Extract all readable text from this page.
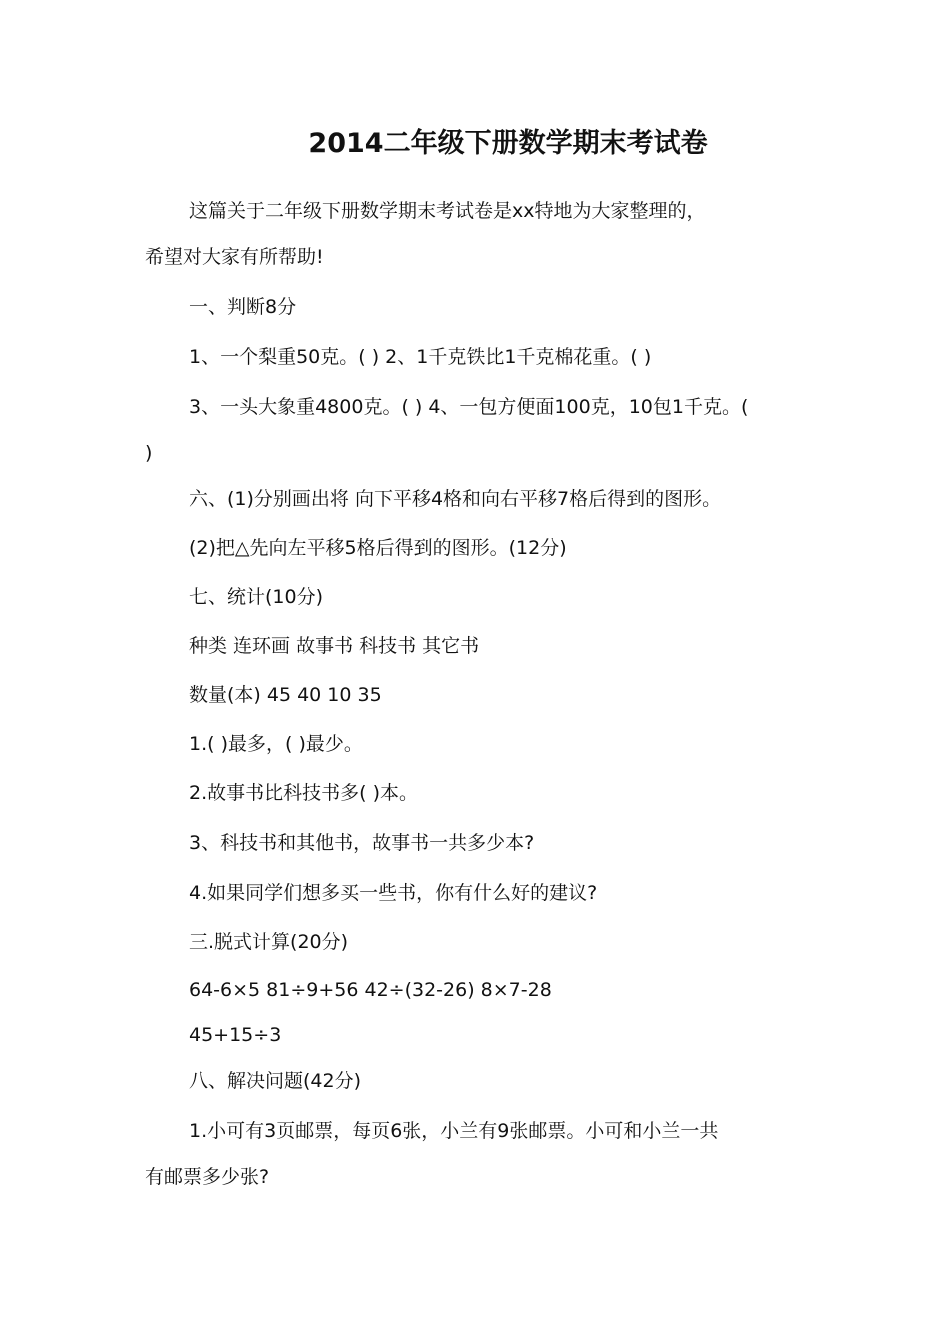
2014二年级下册数学期末考试卷
这篇关于二年级下册数学期末考试卷是xx特地为大家整理的，
希望对大家有所帮助!
一、判断8分
1、一个梨重50克。( ) 2、1千克铁比1千克棉花重。( )
3、一头大象重4800克。( ) 4、一包方便面100克，10包1千克。(
)
六、(1)分别画出将 向下平移4格和向右平移7格后得到的图形。
(2)把△先向左平移5格后得到的图形。(12分)
七、统计(10分)
种类 连环画 故事书 科技书 其它书
数量(本) 45 40 10 35
1.( )最多，( )最少。
2.故事书比科技书多( )本。
3、科技书和其他书，故事书一共多少本?
4.如果同学们想多买一些书，你有什么好的建议?
三.脱式计算(20分)
64-6×5 81÷9+56 42÷(32-26) 8×7-28
45+15÷3
八、解决问题(42分)
1.小可有3页邮票，每页6张，小兰有9张邮票。小可和小兰一共
有邮票多少张?
